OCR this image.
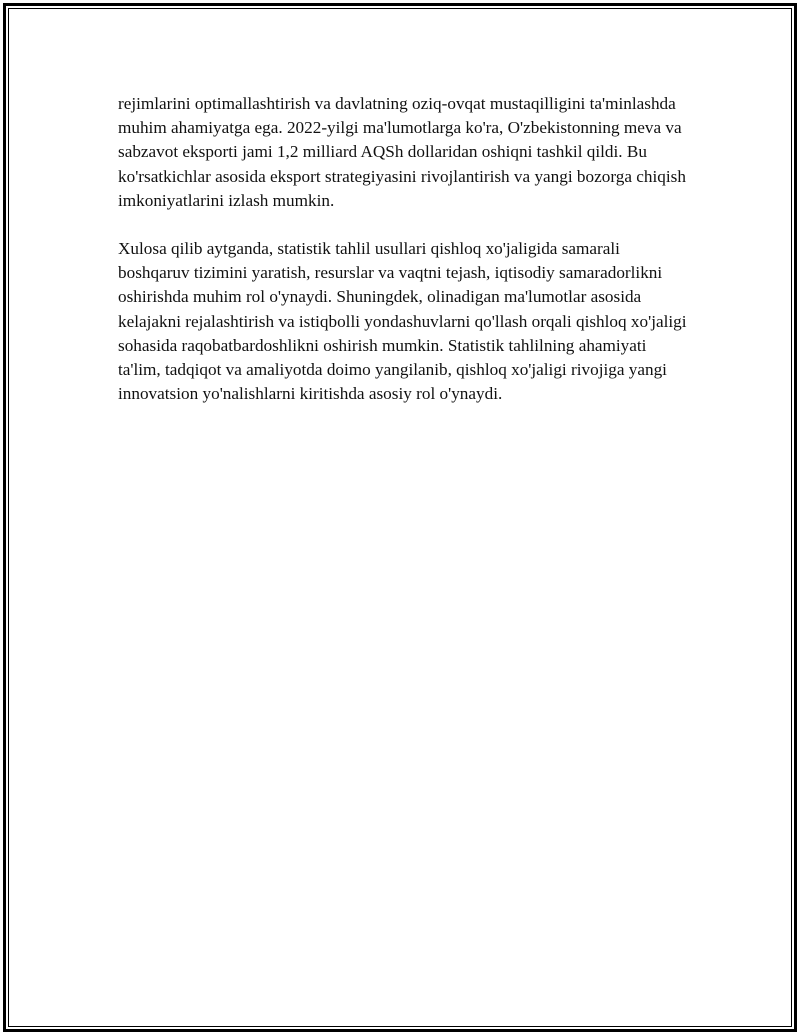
rejimlarini optimallashtirish va davlatning oziq-ovqat mustaqilligini ta'minlashda muhim ahamiyatga ega. 2022-yilgi ma'lumotlarga ko'ra, O'zbekistonning meva va sabzavot eksporti jami 1,2 milliard AQSh dollaridan oshiqni tashkil qildi. Bu ko'rsatkichlar asosida eksport strategiyasini rivojlantirish va yangi bozorga chiqish imkoniyatlarini izlash mumkin.

Xulosa qilib aytganda, statistik tahlil usullari qishloq xo'jaligida samarali boshqaruv tizimini yaratish, resurslar va vaqtni tejash, iqtisodiy samaradorlikni oshirishda muhim rol o'ynaydi. Shuningdek, olinadigan ma'lumotlar asosida kelajakni rejalashtirish va istiqbolli yondashuvlarni qo'llash orqali qishloq xo'jaligi sohasida raqobatbardoshlikni oshirish mumkin. Statistik tahlilning ahamiyati ta'lim, tadqiqot va amaliyotda doimo yangilanib, qishloq xo'jaligi rivojiga yangi innovatsion yo'nalishlarni kiritishda asosiy rol o'ynaydi.
